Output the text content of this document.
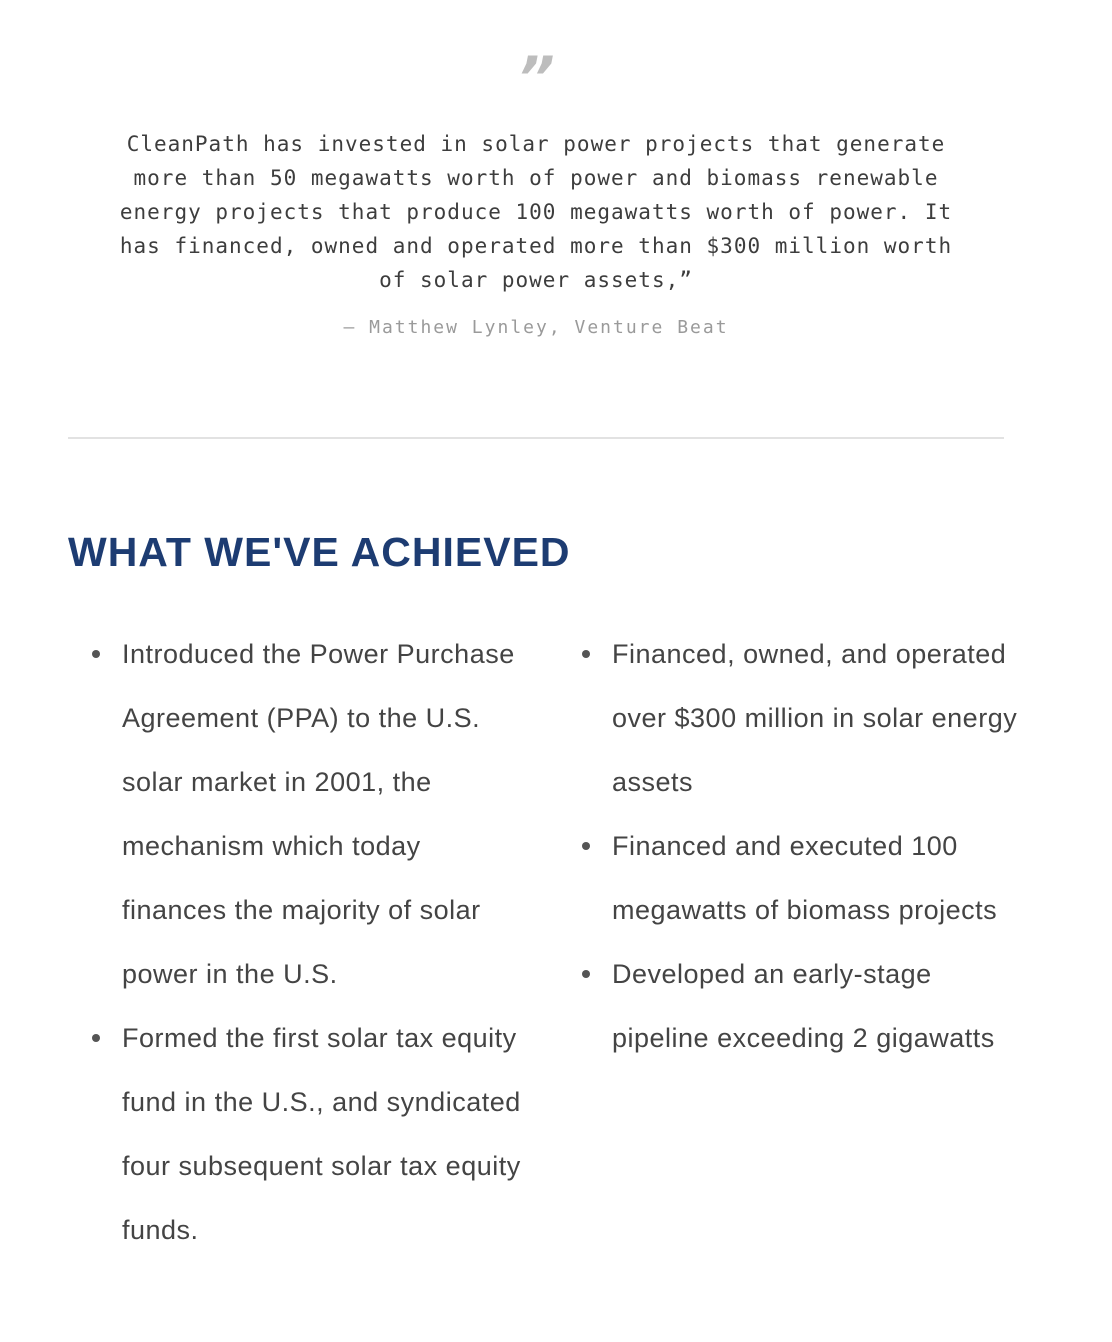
”

CleanPath has invested in solar power projects that generate more than 50 megawatts worth of power and biomass renewable energy projects that produce 100 megawatts worth of power. It has financed, owned and operated more than $300 million worth of solar power assets,”

— Matthew Lynley, Venture Beat
WHAT WE'VE ACHIEVED
Introduced the Power Purchase Agreement (PPA) to the U.S. solar market in 2001, the mechanism which today finances the majority of solar power in the U.S.
Formed the first solar tax equity fund in the U.S., and syndicated four subsequent solar tax equity funds.
Financed, owned, and operated over $300 million in solar energy assets
Financed and executed 100 megawatts of biomass projects
Developed an early-stage pipeline exceeding 2 gigawatts
